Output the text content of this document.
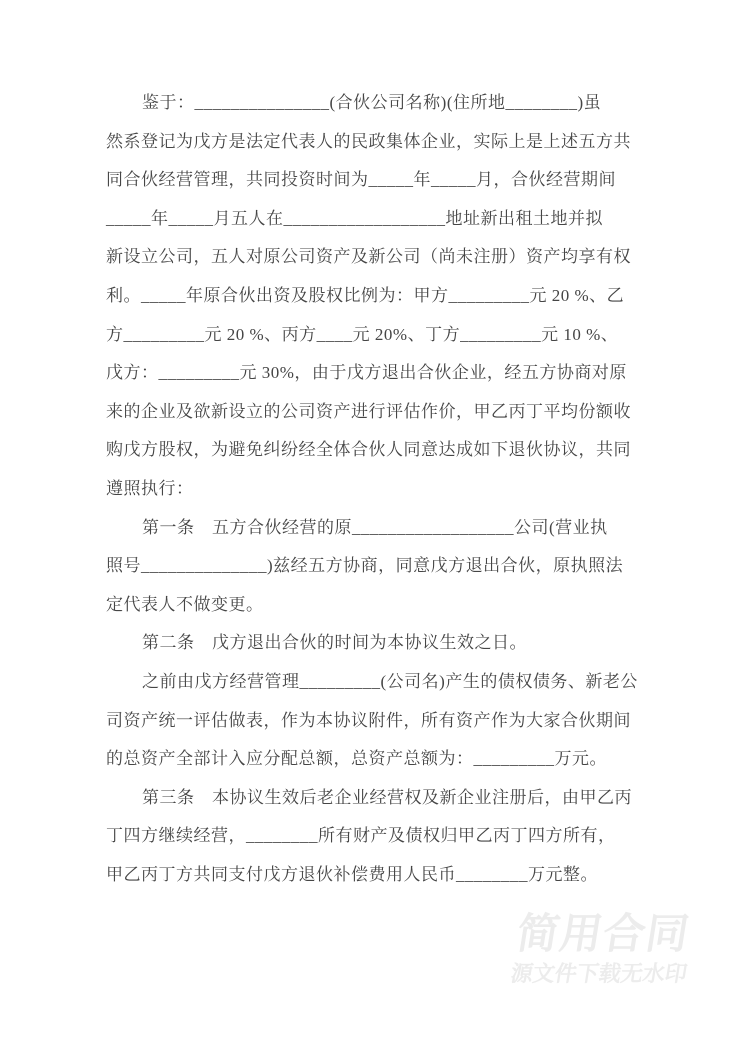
鉴于：_______________(合伙公司名称)(住所地________)虽
然系登记为戊方是法定代表人的民政集体企业，实际上是上述五方共
同合伙经营管理，共同投资时间为_____年_____月，合伙经营期间
_____年_____月五人在__________________地址新出租土地并拟
新设立公司，五人对原公司资产及新公司（尚未注册）资产均享有权
利。_____年原合伙出资及股权比例为：甲方_________元 20 %、乙
方_________元 20 %、丙方____元 20%、丁方_________元 10 %、
戊方：_________元 30%，由于戊方退出合伙企业，经五方协商对原
来的企业及欲新设立的公司资产进行评估作价，甲乙丙丁平均份额收
购戊方股权，为避免纠纷经全体合伙人同意达成如下退伙协议，共同
遵照执行：
第一条　五方合伙经营的原__________________公司(营业执
照号______________)兹经五方协商，同意戊方退出合伙，原执照法
定代表人不做变更。
第二条　戊方退出合伙的时间为本协议生效之日。
之前由戊方经营管理_________(公司名)产生的债权债务、新老公
司资产统一评估做表，作为本协议附件，所有资产作为大家合伙期间
的总资产全部计入应分配总额，总资产总额为：_________万元。
第三条　本协议生效后老企业经营权及新企业注册后，由甲乙丙
丁四方继续经营，________所有财产及债权归甲乙丙丁四方所有，
甲乙丙丁方共同支付戊方退伙补偿费用人民币________万元整。
简用合同
源文件下载无水印
